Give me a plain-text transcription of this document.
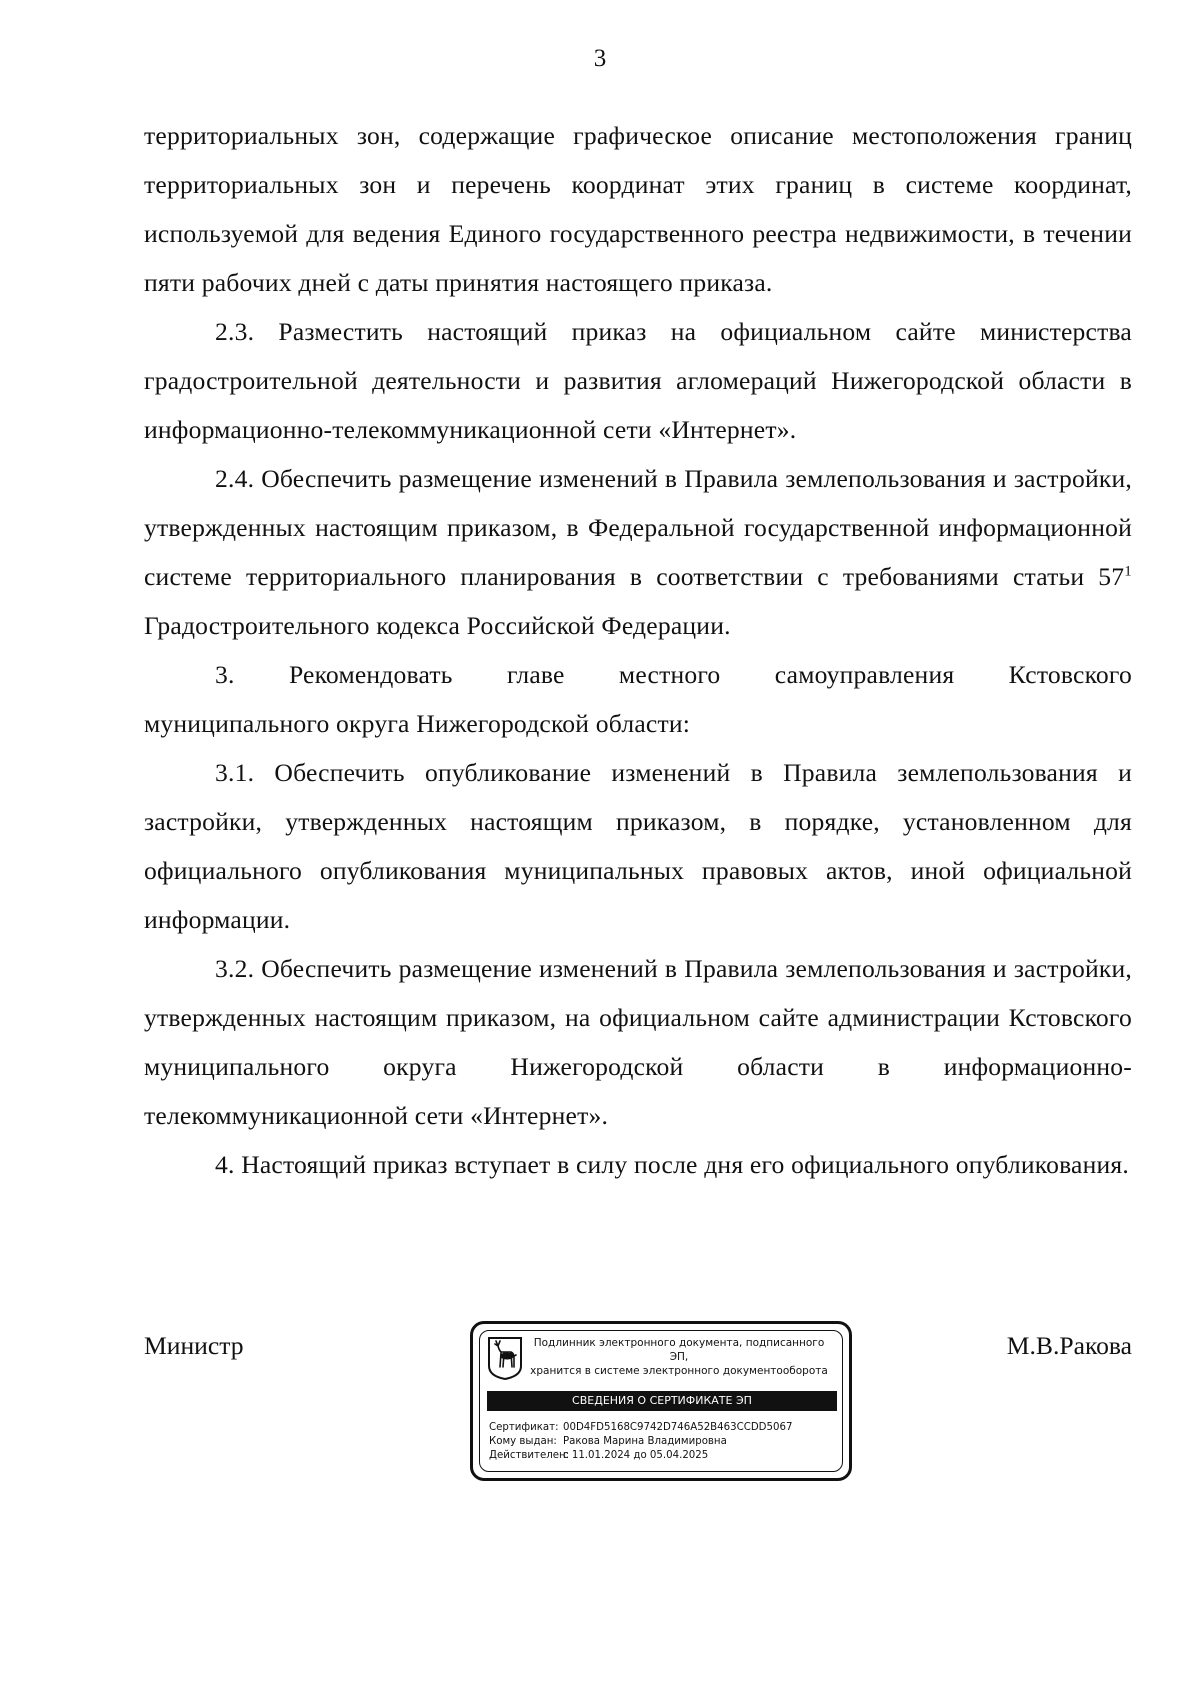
3

территориальных зон, содержащие графическое описание местоположения границ территориальных зон и перечень координат этих границ в системе координат, используемой для ведения Единого государственного реестра недвижимости, в течении пяти рабочих дней с даты принятия настоящего приказа.

2.3. Разместить настоящий приказ на официальном сайте министерства градостроительной деятельности и развития агломераций Нижегородской области в информационно-телекоммуникационной сети «Интернет».

2.4. Обеспечить размещение изменений в Правила землепользования и застройки, утвержденных настоящим приказом, в Федеральной государственной информационной системе территориального планирования в соответствии с требованиями статьи $57^1$ Градостроительного кодекса Российской Федерации.

3. Рекомендовать главе местного самоуправления Кстовского

муниципального округа Нижегородской области:

3.1. Обеспечить опубликование изменений в Правила землепользования и застройки, утвержденных настоящим приказом, в порядке, установленном для официального опубликования муниципальных правовых актов, иной официальной информации.

3.2. Обеспечить размещение изменений в Правила землепользования и застройки, утвержденных настоящим приказом, на официальном сайте администрации Кстовского муниципального округа Нижегородской области в информационно-телекоммуникационной сети «Интернет».

4. Настоящий приказ вступает в силу после дня его официального опубликования.

Министр	М.В.Ракова
Подлинник электронного документа, подписанного ЭП,
хранится в системе электронного документооборота
СВЕДЕНИЯ О СЕРТИФИКАТЕ ЭП
Сертификат: 00D4FD5168C9742D746A52B463CCDD5067
Кому выдан: Ракова Марина Владимировна
Действителен:с 11.01.2024 до 05.04.2025
